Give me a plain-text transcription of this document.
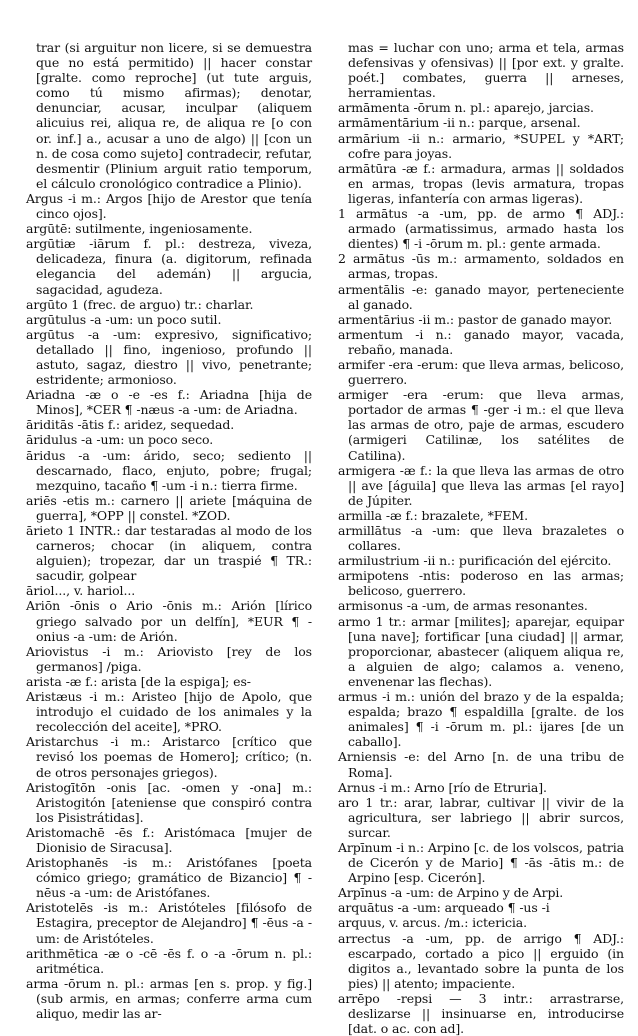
trar (si arguitur non licere, si se demuestra que no está permitido) || hacer constar [gralte. como reproche] (ut tute arguis, como tú mismo afirmas); denotar, denunciar, acusar, inculpar (aliquem alicuius rei, aliqua re, de aliqua re [o con or. inf.] a., acusar a uno de algo) || [con un n. de cosa como sujeto] contradecir, refutar, desmentir (Plinium arguit ratio temporum, el cálculo cronológico contradice a Plinio).

Argus -i m.: Argos [hijo de Arestor que tenía cinco ojos].

argūtē: sutilmente, ingeniosamente.

argūtiæ -iārum f. pl.: destreza, viveza, delicadeza, finura (a. digitorum, refinada elegancia del ademán) || argucia, sagacidad, agudeza.

argūto 1 (frec. de arguo) tr.: charlar.

argūtulus -a -um: un poco sutil.

argūtus -a -um: expresivo, significativo; detallado || fino, ingenioso, profundo || astuto, sagaz, diestro || vivo, penetrante; estridente; armonioso.

Ariadna -æ o -e -es f.: Ariadna [hija de Minos], *CER ¶ -næus -a -um: de Ariadna.

āriditās -ātis f.: aridez, sequedad.

āridulus -a -um: un poco seco.

āridus -a -um: árido, seco; sediento || descarnado, flaco, enjuto, pobre; frugal; mezquino, tacaño ¶ -um -i n.: tierra firme.

ariēs -etis m.: carnero || ariete [máquina de guerra], *OPP || constel. *ZOD.

ārieto 1 INTR.: dar testaradas al modo de los carneros; chocar (in aliquem, contra alguien); tropezar, dar un traspié ¶ TR.: sacudir, golpear

āriol..., v. hariol...

Ariōn -ōnis o Ario -ōnis m.: Arión [lírico griego salvado por un delfín], *EUR ¶ -onius -a -um: de Arión.

Ariovistus -i m.: Ariovisto [rey de los germanos] /piga.

arista -æ f.: arista [de la espiga]; es-

Aristæus -i m.: Aristeo [hijo de Apolo, que introdujo el cuidado de los animales y la recolección del aceite], *PRO.

Aristarchus -i m.: Aristarco [crítico que revisó los poemas de Homero]; crítico; (n. de otros personajes griegos).

Aristogītōn -onis [ac. -omen y -ona] m.: Aristogitón [ateniense que conspiró contra los Pisistrátidas].

Aristomachē -ēs f.: Aristómaca [mujer de Dionisio de Siracusa].

Aristophanēs -is m.: Aristófanes [poeta cómico griego; gramático de Bizancio] ¶ -nēus -a -um: de Aristófanes.

Aristotelēs -is m.: Aristóteles [filósofo de Estagira, preceptor de Alejandro] ¶ -ēus -a -um: de Aristóteles.

arithmētica -æ o -cē -ēs f. o -a -ōrum n. pl.: aritmética.

arma -ōrum n. pl.: armas [en s. prop. y fig.] (sub armis, en armas; conferre arma cum aliquo, medir las ar-

mas = luchar con uno; arma et tela, armas defensivas y ofensivas) || [por ext. y gralte. poét.] combates, guerra || arneses, herramientas.

armāmenta -ōrum n. pl.: aparejo, jarcias.

armāmentārium -ii n.: parque, arsenal.

armārium -ii n.: armario, *SUPEL y *ART; cofre para joyas.

armātūra -æ f.: armadura, armas || soldados en armas, tropas (levis armatura, tropas ligeras, infantería con armas ligeras).

1 armātus -a -um, pp. de armo ¶ ADJ.: armado (armatissimus, armado hasta los dientes) ¶ -i -ōrum m. pl.: gente armada.

2 armātus -ūs m.: armamento, soldados en armas, tropas.

armentālis -e: ganado mayor, perteneciente al ganado.

armentārius -ii m.: pastor de ganado mayor.

armentum -i n.: ganado mayor, vacada, rebaño, manada.

armifer -era -erum: que lleva armas, belicoso, guerrero.

armiger -era -erum: que lleva armas, portador de armas ¶ -ger -i m.: el que lleva las armas de otro, paje de armas, escudero (armigeri Catilinæ, los satélites de Catilina).

armigera -æ f.: la que lleva las armas de otro || ave [águila] que lleva las armas [el rayo] de Júpiter.

armilla -æ f.: brazalete, *FEM.

armillātus -a -um: que lleva brazaletes o collares.

armilustrium -ii n.: purificación del ejército.

armipotens -ntis: poderoso en las armas; belicoso, guerrero.

armisonus -a -um, de armas resonantes.

armo 1 tr.: armar [milites]; aparejar, equipar [una nave]; fortificar [una ciudad] || armar, proporcionar, abastecer (aliquem aliqua re, a alguien de algo; calamos a. veneno, envenenar las flechas).

armus -i m.: unión del brazo y de la espalda; espalda; brazo ¶ espaldilla [gralte. de los animales] ¶ -i -ōrum m. pl.: ijares [de un caballo].

Arniensis -e: del Arno [n. de una tribu de Roma].

Arnus -i m.: Arno [río de Etruria].

aro 1 tr.: arar, labrar, cultivar || vivir de la agricultura, ser labriego || abrir surcos, surcar.

Arpīnum -i n.: Arpino [c. de los volscos, patria de Cicerón y de Mario] ¶ -ās -ātis m.: de Arpino [esp. Cicerón].

Arpīnus -a -um: de Arpino y de Arpi.

arquātus -a -um: arqueado ¶ -us -i

arquus, v. arcus. /m.: ictericia.

arrectus -a -um, pp. de arrigo ¶ ADJ.: escarpado, cortado a pico || erguido (in digitos a., levantado sobre la punta de los pies) || atento; impaciente.

arrēpo -repsi — 3 intr.: arrastrarse, deslizarse || insinuarse en, introducirse [dat. o ac. con ad].
